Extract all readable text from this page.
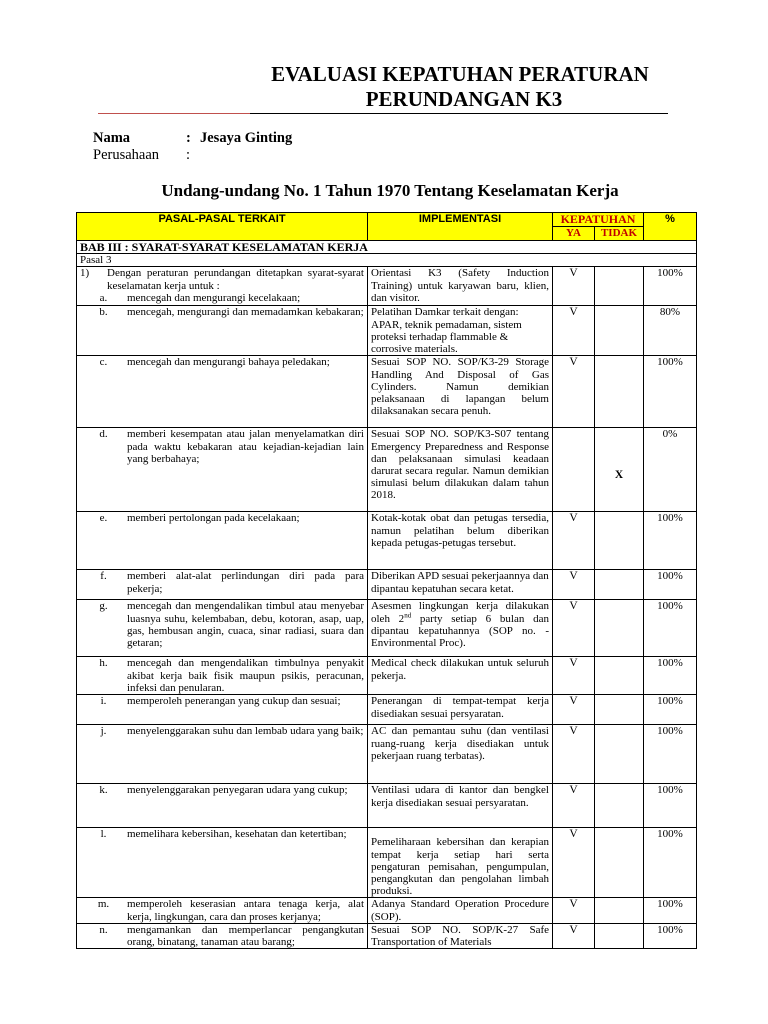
EVALUASI KEPATUHAN PERATURAN
PERUNDANGAN K3
Nama	: Jesaya Ginting
Perusahaan	:
Undang-undang No. 1 Tahun 1970 Tentang Keselamatan Kerja
PASAL-PASAL TERKAIT	IMPLEMENTASI	KEPATUHAN		%
		YA	TIDAK	
BAB III : SYARAT-SYARAT KESELAMATAN KERJA				
Pasal 3				

1) Dengan peraturan perundangan ditetapkan syarat-syarat keselamatan kerja untuk :
a. mencegah dan mengurangi kecelakaan;	Orientasi K3 (Safety Induction Training) untuk karyawan baru, klien, dan visitor.	V		100%

b. mencegah, mengurangi dan memadamkan kebakaran;	Pelatihan Damkar terkait dengan: APAR, teknik pemadaman, sistem proteksi terhadap flammable & corrosive materials.	V		80%

c. mencegah dan mengurangi bahaya peledakan;	Sesuai SOP NO. SOP/K3-29 Storage Handling And Disposal of Gas Cylinders. Namun demikian pelaksanaan di lapangan belum dilaksanakan secara penuh.	V		100%

d. memberi kesempatan atau jalan menyelamatkan diri pada waktu kebakaran atau kejadian-kejadian lain yang berbahaya;	Sesuai SOP NO. SOP/K3-S07 tentang Emergency Preparedness and Response dan pelaksanaan simulasi keadaan darurat secara regular. Namun demikian simulasi belum dilakukan dalam tahun 2018.		X	0%

e. memberi pertolongan pada kecelakaan;	Kotak-kotak obat dan petugas tersedia, namun pelatihan belum diberikan kepada petugas-petugas tersebut.	V		100%

f. memberi alat-alat perlindungan diri pada para pekerja;	Diberikan APD sesuai pekerjaannya dan dipantau kepatuhan secara ketat.	V		100%

g. mencegah dan mengendalikan timbul atau menyebar luasnya suhu, kelembaban, debu, kotoran, asap, uap, gas, hembusan angin, cuaca, sinar radiasi, suara dan getaran;	Asesmen lingkungan kerja dilakukan oleh 2nd party setiap 6 bulan dan dipantau kepatuhannya (SOP no. - Environmental Proc).	V		100%

h. mencegah dan mengendalikan timbulnya penyakit akibat kerja baik fisik maupun psikis, peracunan, infeksi dan penularan.	Medical check dilakukan untuk seluruh pekerja.	V		100%

i. memperoleh penerangan yang cukup dan sesuai;	Penerangan di tempat-tempat kerja disediakan sesuai persyaratan.	V		100%

j. menyelenggarakan suhu dan lembab udara yang baik;	AC dan pemantau suhu (dan ventilasi ruang-ruang kerja disediakan untuk pekerjaan ruang terbatas).	V		100%

k. menyelenggarakan penyegaran udara yang cukup;	Ventilasi udara di kantor dan bengkel kerja disediakan sesuai persyaratan.	V		100%

l. memelihara kebersihan, kesehatan dan ketertiban;	Pemeliharaan kebersihan dan kerapian tempat kerja setiap hari serta pengaturan pemisahan, pengumpulan, pengangkutan dan pengolahan limbah produksi.	V		100%

m. memperoleh keserasian antara tenaga kerja, alat kerja, lingkungan, cara dan proses kerjanya;	Adanya Standard Operation Procedure (SOP).	V		100%

n. mengamankan dan memperlancar pengangkutan orang, binatang, tanaman atau barang;	Sesuai SOP NO. SOP/K-27 Safe Transportation of Materials	V		100%
